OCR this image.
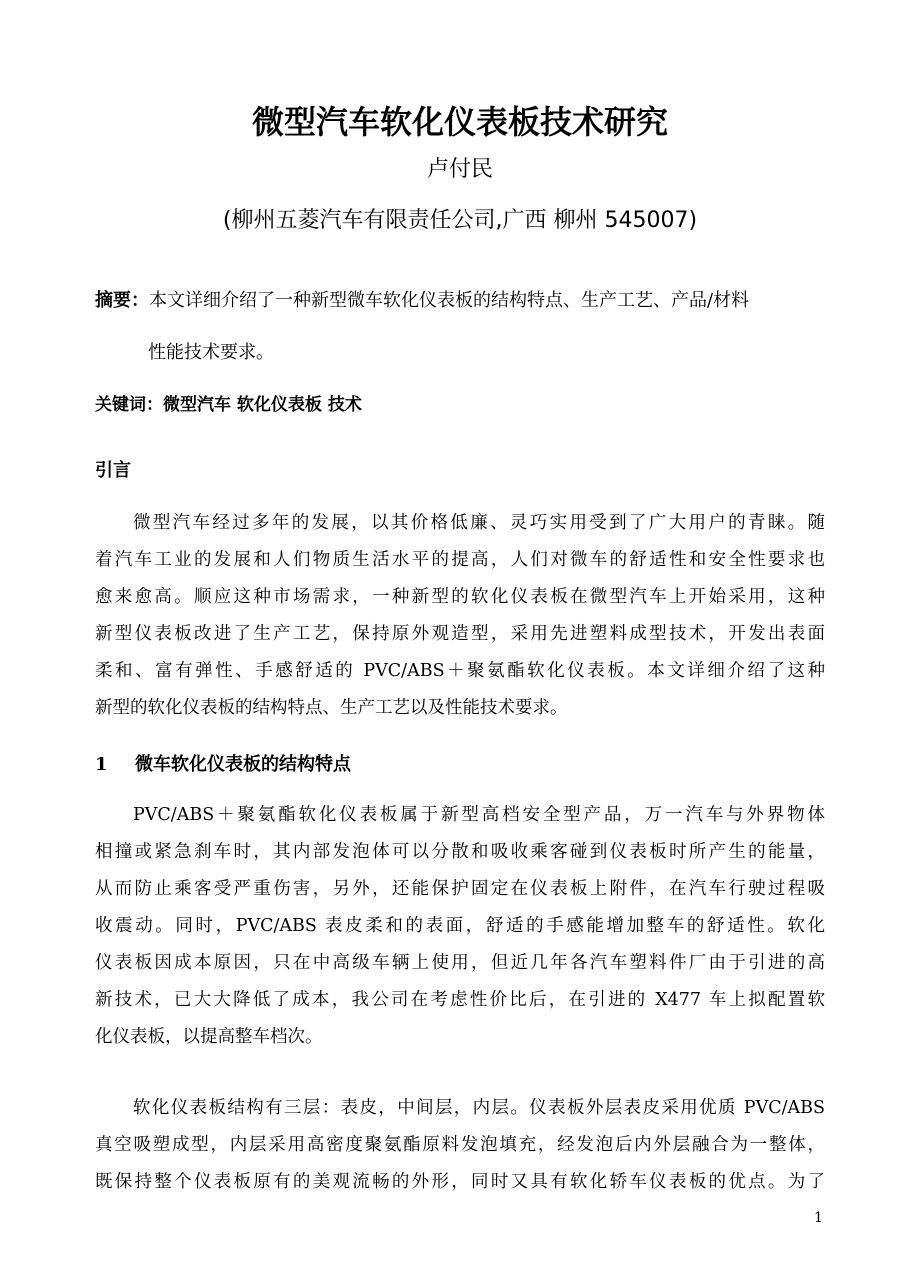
微型汽车软化仪表板技术研究
卢付民
(柳州五菱汽车有限责任公司,广西 柳州 545007)
摘要：本文详细介绍了一种新型微车软化仪表板的结构特点、生产工艺、产品/材料
性能技术要求。
关键词：微型汽车 软化仪表板 技术
引言
微型汽车经过多年的发展，以其价格低廉、灵巧实用受到了广大用户的青睐。随
着汽车工业的发展和人们物质生活水平的提高，人们对微车的舒适性和安全性要求也
愈来愈高。顺应这种市场需求，一种新型的软化仪表板在微型汽车上开始采用，这种
新型仪表板改进了生产工艺，保持原外观造型，采用先进塑料成型技术，开发出表面
柔和、富有弹性、手感舒适的 PVC/ABS＋聚氨酯软化仪表板。本文详细介绍了这种
新型的软化仪表板的结构特点、生产工艺以及性能技术要求。
1 微车软化仪表板的结构特点
PVC/ABS＋聚氨酯软化仪表板属于新型高档安全型产品，万一汽车与外界物体
相撞或紧急刹车时，其内部发泡体可以分散和吸收乘客碰到仪表板时所产生的能量，
从而防止乘客受严重伤害，另外，还能保护固定在仪表板上附件，在汽车行驶过程吸
收震动。同时，PVC/ABS 表皮柔和的表面，舒适的手感能增加整车的舒适性。软化
仪表板因成本原因，只在中高级车辆上使用，但近几年各汽车塑料件厂由于引进的高
新技术，已大大降低了成本，我公司在考虑性价比后，在引进的 X477 车上拟配置软
化仪表板，以提高整车档次。
软化仪表板结构有三层：表皮，中间层，内层。仪表板外层表皮采用优质 PVC/ABS
真空吸塑成型，内层采用高密度聚氨酯原料发泡填充，经发泡后内外层融合为一整体，
既保持整个仪表板原有的美观流畅的外形，同时又具有软化轿车仪表板的优点。为了
1
